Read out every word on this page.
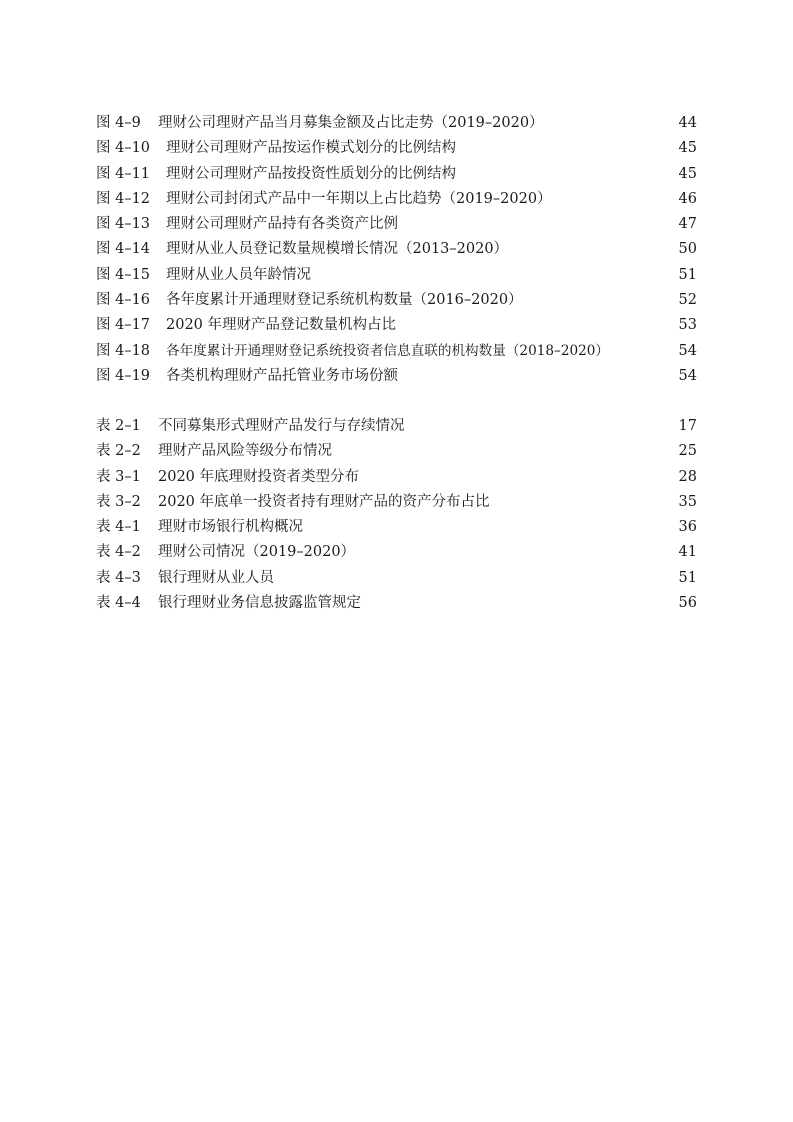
图 4–9 理财公司理财产品当月募集金额及占比走势（2019–2020）	44
图 4–10 理财公司理财产品按运作模式划分的比例结构	45
图 4–11 理财公司理财产品按投资性质划分的比例结构	45
图 4–12 理财公司封闭式产品中一年期以上占比趋势（2019–2020）	46
图 4–13 理财公司理财产品持有各类资产比例	47
图 4–14 理财从业人员登记数量规模增长情况（2013–2020）	50
图 4–15 理财从业人员年龄情况	51
图 4–16 各年度累计开通理财登记系统机构数量（2016–2020）	52
图 4–17 2020 年理财产品登记数量机构占比	53
图 4–18 各年度累计开通理财登记系统投资者信息直联的机构数量（2018–2020）	54
图 4–19 各类机构理财产品托管业务市场份额	54
表 2–1 不同募集形式理财产品发行与存续情况	17
表 2–2 理财产品风险等级分布情况	25
表 3–1 2020 年底理财投资者类型分布	28
表 3–2 2020 年底单一投资者持有理财产品的资产分布占比	35
表 4–1 理财市场银行机构概况	36
表 4–2 理财公司情况（2019–2020）	41
表 4–3 银行理财从业人员	51
表 4–4 银行理财业务信息披露监管规定	56
